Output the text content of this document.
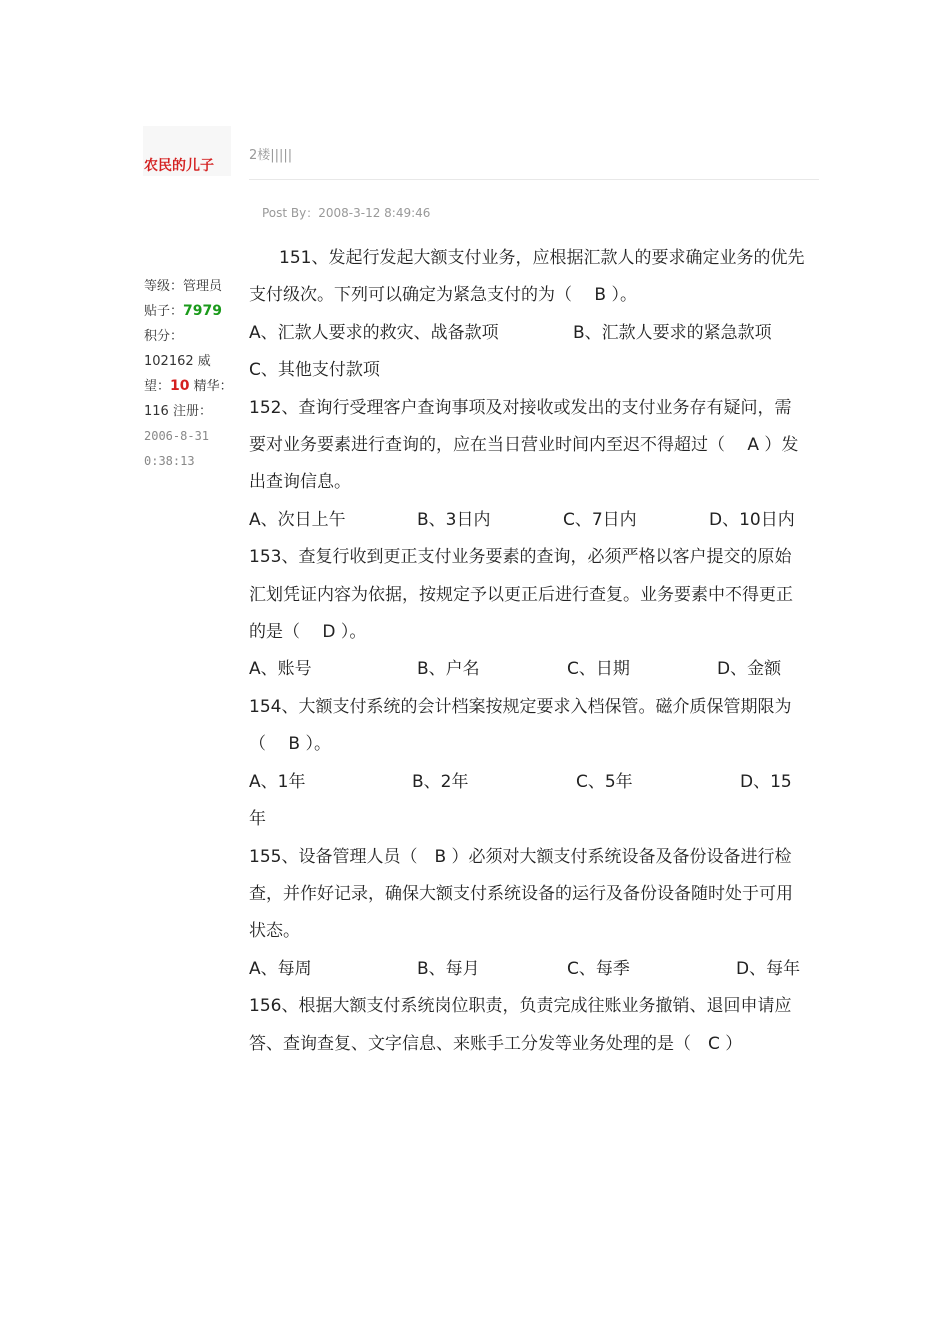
农民的儿子
2楼|||||
Post By：2008-3-12 8:49:46
等级：管理员
贴子：7979
积分：
102162 威望：10 精华：116 注册：2006-8-31 0:38:13

151、发起行发起大额支付业务，应根据汇款人的要求确定业务的优先支付级次。下列可以确定为紧急支付的为（　 B ）。

A、汇款人要求的救灾、战备款项	B、汇款人要求的紧急款项

C、其他支付款项

152、查询行受理客户查询事项及对接收或发出的支付业务存有疑问，需要对业务要素进行查询的，应在当日营业时间内至迟不得超过（　 A ）发出查询信息。

A、次日上午	B、3日内	C、7日内	D、10日内

153、查复行收到更正支付业务要素的查询，必须严格以客户提交的原始汇划凭证内容为依据，按规定予以更正后进行查复。业务要素中不得更正的是（　 D ）。

A、账号	B、户名	C、日期	D、金额

154、大额支付系统的会计档案按规定要求入档保管。磁介质保管期限为（　 B ）。

A、1年	B、2年	C、5年	D、15年

155、设备管理人员（　B ）必须对大额支付系统设备及备份设备进行检查，并作好记录，确保大额支付系统设备的运行及备份设备随时处于可用状态。

A、每周	B、每月	C、每季	D、每年

156、根据大额支付系统岗位职责，负责完成往账业务撤销、退回申请应答、查询查复、文字信息、来账手工分发等业务处理的是（　C ）
